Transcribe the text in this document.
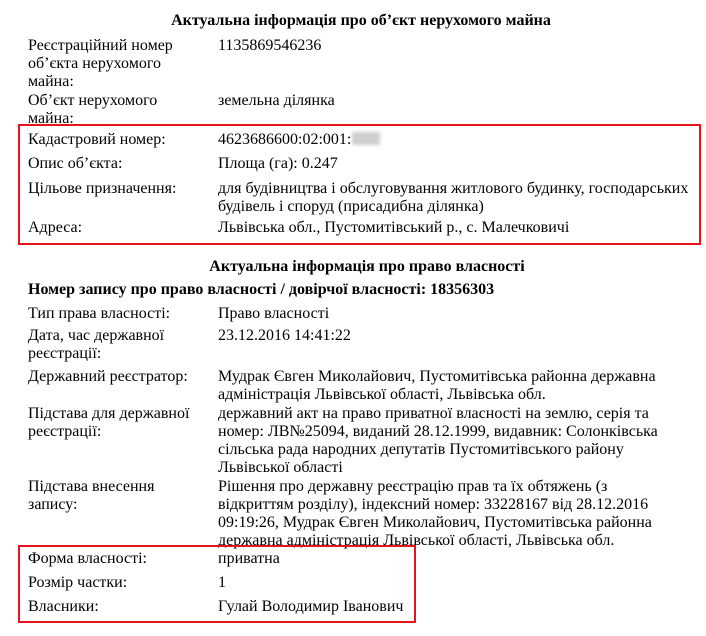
Актуальна інформація про об’єкт нерухомого майна
Реєстраційний номер об’єкта нерухомого майна:
1135869546236
Об’єкт нерухомого майна:
земельна ділянка
Кадастровий номер:	4623686600:02:001:
Опис об’єкта:	Площа (га): 0.247
Цільове призначення:	для будівництва і обслуговування житлового будинку, господарських будівель і споруд (присадибна ділянка)
Адреса:	Львівська обл., Пустомитівський р., с. Малечковичі
Актуальна інформація про право власності
Номер запису про право власності / довірчої власності: 18356303
Тип права власності:	Право власності
Дата, час державної реєстрації:
23.12.2016 14:41:22
Державний реєстратор:	Мудрак Євген Миколайович, Пустомитівська районна державна адміністрація Львівської області, Львівська обл.
Підстава для державної реєстрації:
державний акт на право приватної власності на землю, серія та номер: ЛВ№25094, виданий 28.12.1999, видавник: Солонківська сільська рада народних депутатів Пустомитівського району Львівської області
Підстава внесення запису:
Рішення про державну реєстрацію прав та їх обтяжень (з відкриттям розділу), індексний номер: 33228167 від 28.12.2016 09:19:26, Мудрак Євген Миколайович, Пустомитівська районна державна адміністрація Львівської області, Львівська обл.
Форма власності:	приватна
Розмір частки:	1
Власники:	Гулай Володимир Іванович
